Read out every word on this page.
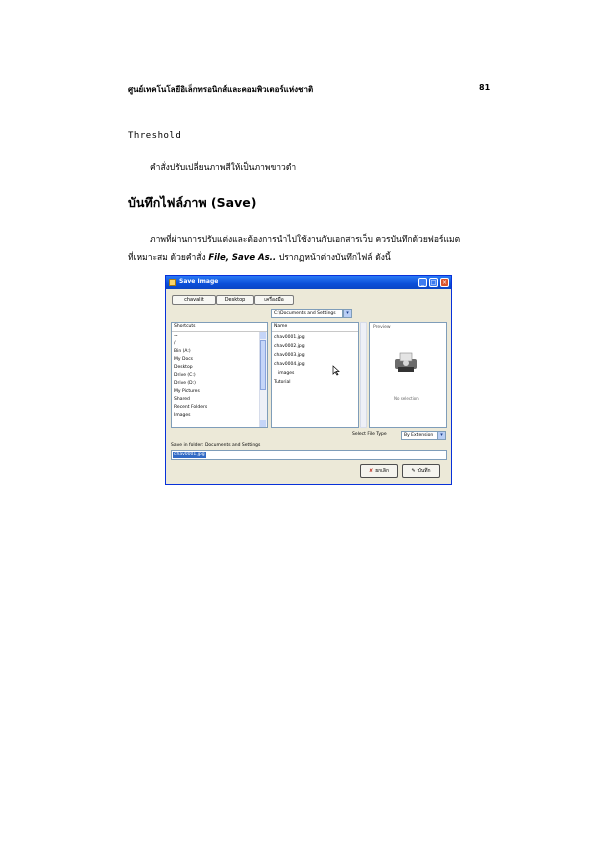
ศูนย์เทคโนโลยีอิเล็กทรอนิกส์และคอมพิวเตอร์แห่งชาติ	81
Threshold
คำสั่งปรับเปลี่ยนภาพสีให้เป็นภาพขาวดำ
บันทึกไฟล์ภาพ (Save)
ภาพที่ผ่านการปรับแต่งและต้องการนำไปใช้งานกับเอกสารเว็บ ควรบันทึกด้วยฟอร์แมต
ที่เหมาะสม ด้วยคำสั่ง File, Save As.. ปรากฏหน้าต่างบันทึกไฟล์ ดังนี้
Save Image	_	□ ×
chavalit	Desktop	เครื่องมือ
C:\Documents and Settings	▾
Shortcuts
~
/
Bin (A:)
My Docs
Desktop
Drive (C:)
Drive (D:)
My Pictures
Shared
Recent Folders
Images
Name
chav0001.jpg
chav0002.jpg
chav0003.jpg
chav0004.jpg
images
Tutorial
Preview
No selection
Select File Type	By Extension	▾
Save in folder: Documents and Settings
chav0001.jpg
✘ ยกเลิก	✎ บันทึก
